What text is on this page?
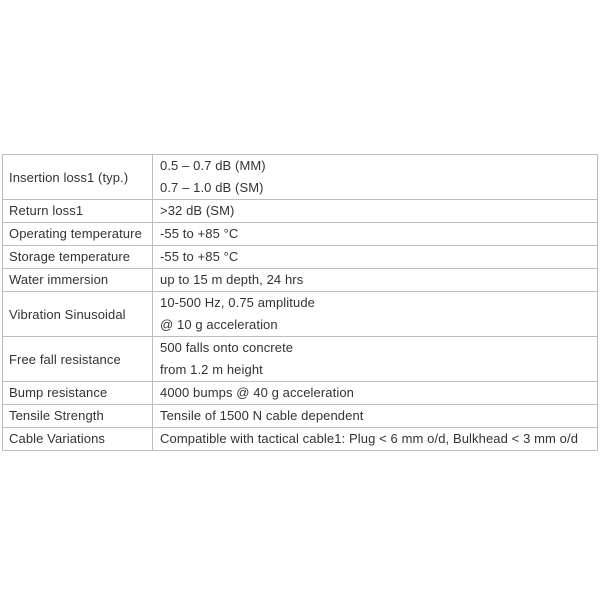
Insertion loss1 (typ.)	0.5 – 0.7 dB (MM)
0.7 – 1.0 dB (SM)

Return loss1	>32 dB (SM)
Operating temperature	-55 to +85 °C
Storage temperature	-55 to +85 °C
Water immersion	up to 15 m depth, 24 hrs
Vibration Sinusoidal	10-500 Hz, 0.75 amplitude
@ 10 g acceleration

Free fall resistance	500 falls onto concrete
from 1.2 m height

Bump resistance	4000 bumps @ 40 g acceleration
Tensile Strength	Tensile of 1500 N cable dependent
Cable Variations	Compatible with tactical cable1: Plug < 6 mm o/d, Bulkhead < 3 mm o/d
